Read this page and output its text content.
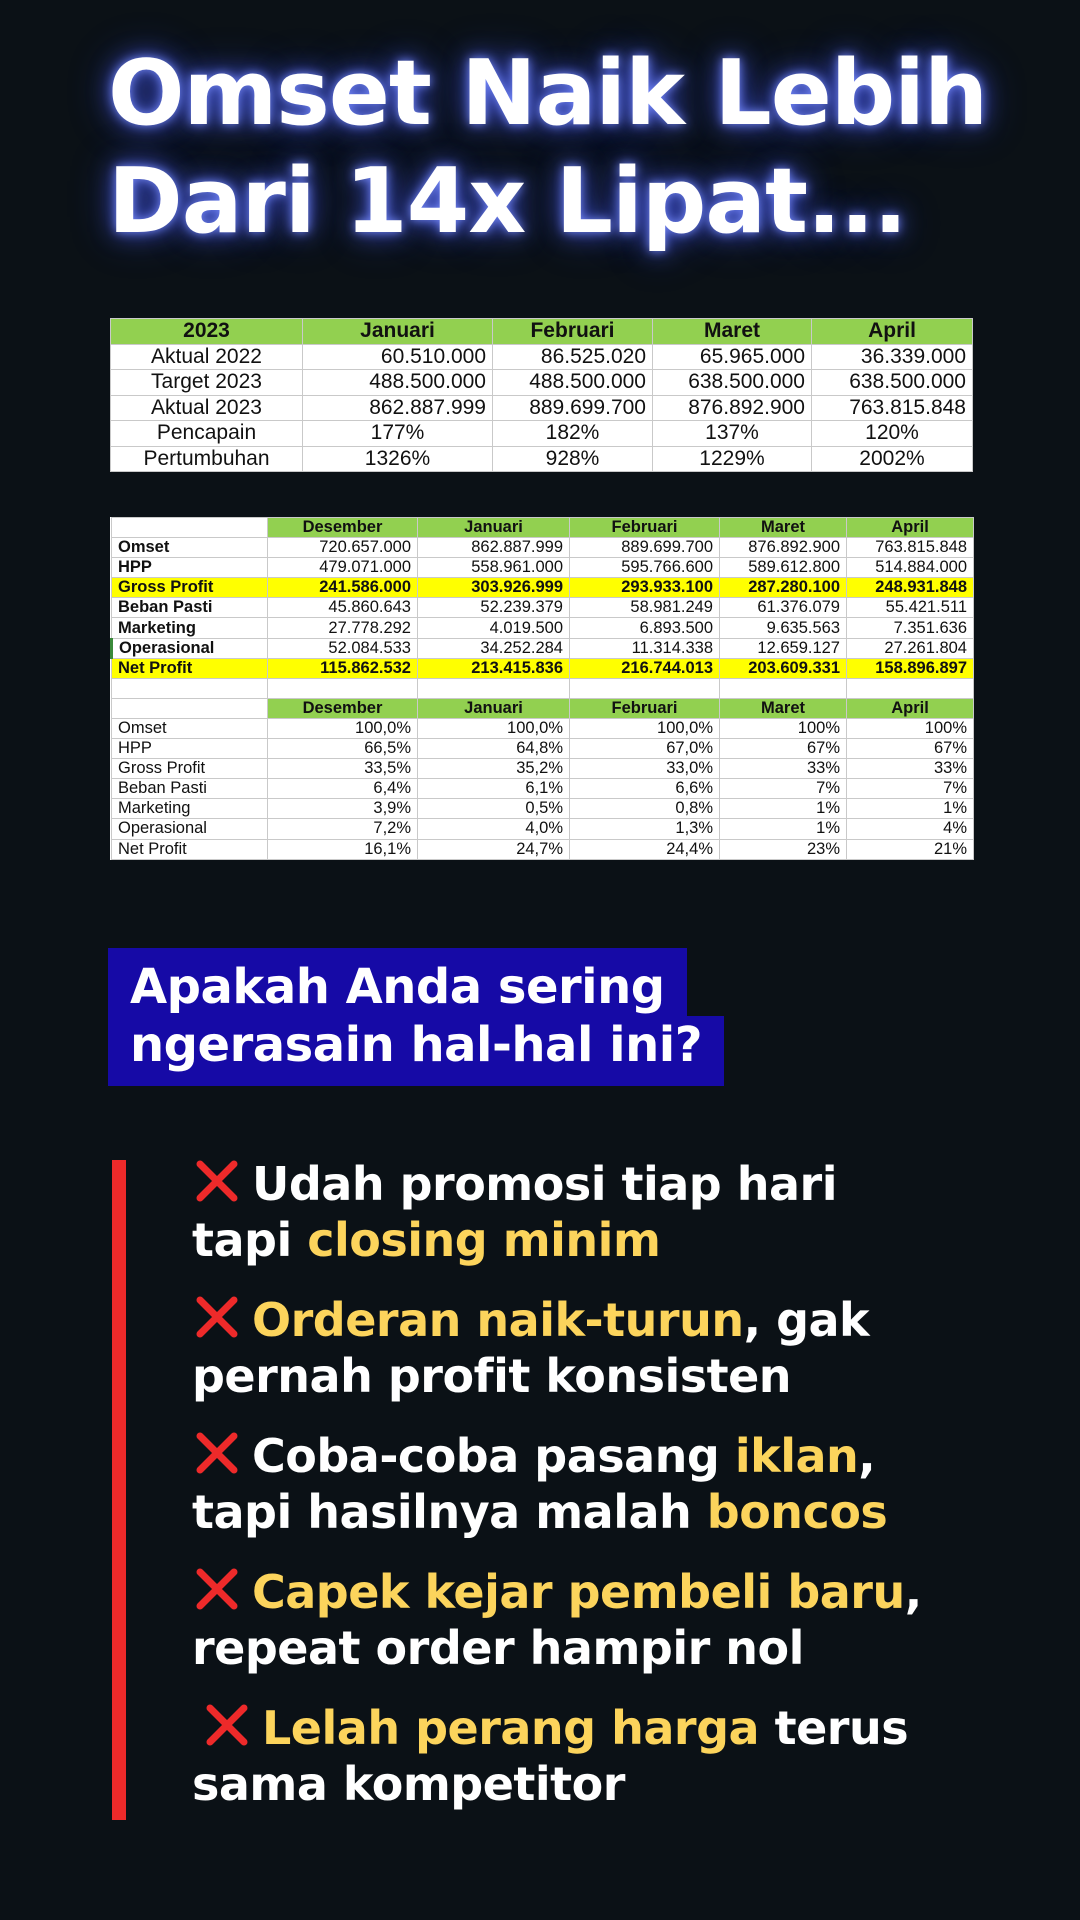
Omset Naik Lebih
Dari 14x Lipat...
2023	Januari	Februari	Maret	April
Aktual 2022	60.510.000	86.525.020	65.965.000	36.339.000
Target 2023	488.500.000	488.500.000	638.500.000	638.500.000
Aktual 2023	862.887.999	889.699.700	876.892.900	763.815.848
Pencapain	177%	182%	137%	120%
Pertumbuhan	1326%	928%	1229%	2002%
	Desember	Januari	Februari	Maret	April
Omset	720.657.000	862.887.999	889.699.700	876.892.900	763.815.848
HPP	479.071.000	558.961.000	595.766.600	589.612.800	514.884.000
Gross Profit	241.586.000	303.926.999	293.933.100	287.280.100	248.931.848
Beban Pasti	45.860.643	52.239.379	58.981.249	61.376.079	55.421.511
Marketing	27.778.292	4.019.500	6.893.500	9.635.563	7.351.636
Operasional	52.084.533	34.252.284	11.314.338	12.659.127	27.261.804
Net Profit	115.862.532	213.415.836	216.744.013	203.609.331	158.896.897

	Desember	Januari	Februari	Maret	April
Omset	100,0%	100,0%	100,0%	100%	100%
HPP	66,5%	64,8%	67,0%	67%	67%
Gross Profit	33,5%	35,2%	33,0%	33%	33%
Beban Pasti	6,4%	6,1%	6,6%	7%	7%
Marketing	3,9%	0,5%	0,8%	1%	1%
Operasional	7,2%	4,0%	1,3%	1%	4%
Net Profit	16,1%	24,7%	24,4%	23%	21%
Apakah Anda sering
ngerasain hal-hal ini?
Udah promosi tiap hari
tapi closing minim
Orderan naik-turun, gak
pernah profit konsisten
Coba-coba pasang iklan,
tapi hasilnya malah boncos
Capek kejar pembeli baru,
repeat order hampir nol
Lelah perang harga terus
sama kompetitor
